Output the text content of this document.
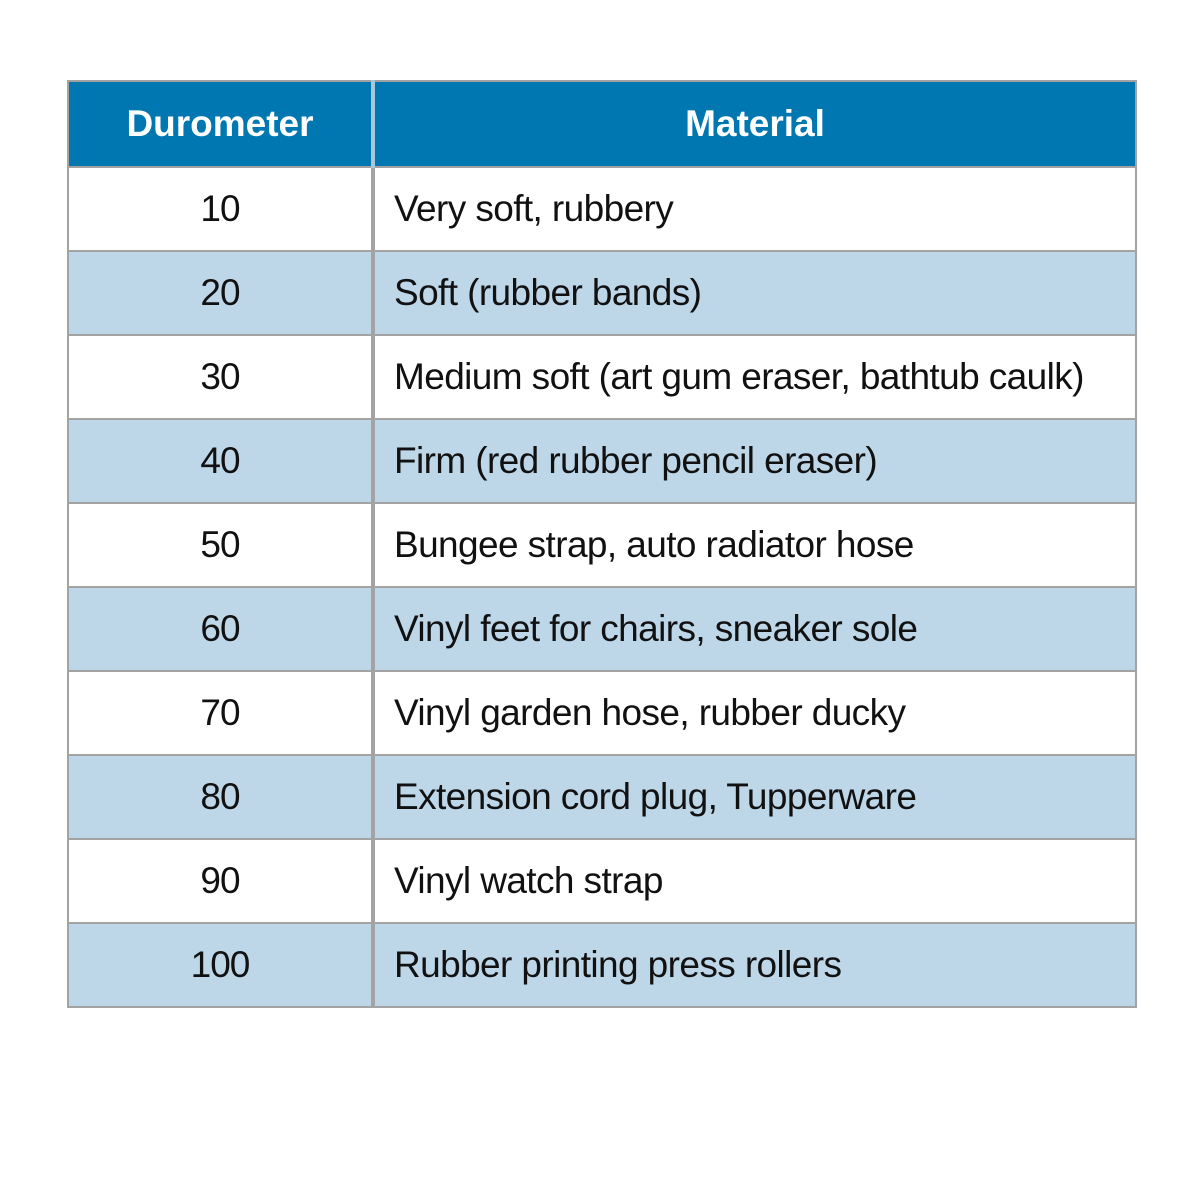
Durometer	Material
10	Very soft, rubbery
20	Soft (rubber bands)
30	Medium soft (art gum eraser, bathtub caulk)
40	Firm (red rubber pencil eraser)
50	Bungee strap, auto radiator hose
60	Vinyl feet for chairs, sneaker sole
70	Vinyl garden hose, rubber ducky
80	Extension cord plug, Tupperware
90	Vinyl watch strap
100	Rubber printing press rollers
